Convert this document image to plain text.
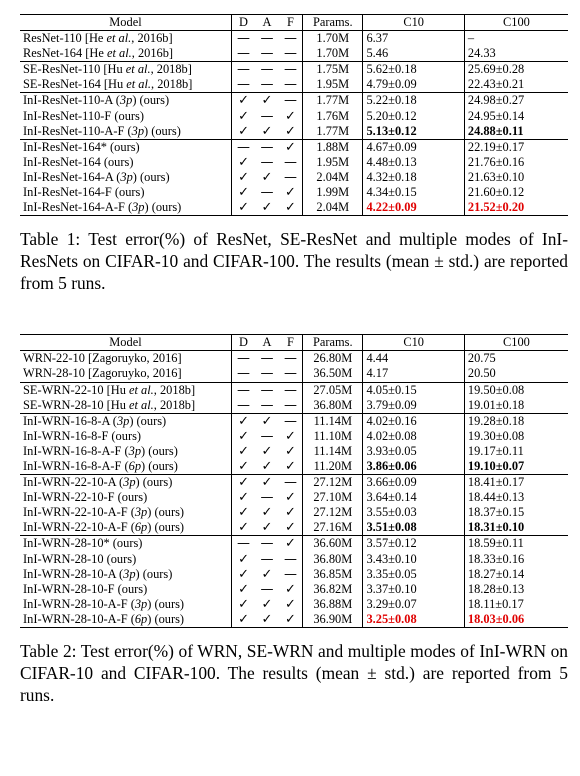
Model	D	A	F	Params.	C10	C100
ResNet-110 [He et al., 2016b]	—	—	—	1.70M	6.37	–
ResNet-164 [He et al., 2016b]	—	—	—	1.70M	5.46	24.33
SE-ResNet-110 [Hu et al., 2018b]	—	—	—	1.75M	5.62±0.18	25.69±0.28
SE-ResNet-164 [Hu et al., 2018b]	—	—	—	1.95M	4.79±0.09	22.43±0.21
InI-ResNet-110-A (3p) (ours)	✓	✓	—	1.77M	5.22±0.18	24.98±0.27
InI-ResNet-110-F (ours)	✓	—	✓	1.76M	5.20±0.12	24.95±0.14
InI-ResNet-110-A-F (3p) (ours)	✓	✓	✓	1.77M	5.13±0.12	24.88±0.11
InI-ResNet-164* (ours)	—	—	✓	1.88M	4.67±0.09	22.19±0.17
InI-ResNet-164 (ours)	✓	—	—	1.95M	4.48±0.13	21.76±0.16
InI-ResNet-164-A (3p) (ours)	✓	✓	—	2.04M	4.32±0.18	21.63±0.10
InI-ResNet-164-F (ours)	✓	—	✓	1.99M	4.34±0.15	21.60±0.12
InI-ResNet-164-A-F (3p) (ours)	✓	✓	✓	2.04M	4.22±0.09	21.52±0.20
Table 1: Test error(%) of ResNet, SE-ResNet and multiple modes of InI-ResNets on CIFAR-10 and CIFAR-100. The results (mean ± std.) are reported from 5 runs.
Model	D	A	F	Params.	C10	C100
WRN-22-10 [Zagoruyko, 2016]	—	—	—	26.80M	4.44	20.75
WRN-28-10 [Zagoruyko, 2016]	—	—	—	36.50M	4.17	20.50
SE-WRN-22-10 [Hu et al., 2018b]	—	—	—	27.05M	4.05±0.15	19.50±0.08
SE-WRN-28-10 [Hu et al., 2018b]	—	—	—	36.80M	3.79±0.09	19.01±0.18
InI-WRN-16-8-A (3p) (ours)	✓	✓	—	11.14M	4.02±0.16	19.28±0.18
InI-WRN-16-8-F (ours)	✓	—	✓	11.10M	4.02±0.08	19.30±0.08
InI-WRN-16-8-A-F (3p) (ours)	✓	✓	✓	11.14M	3.93±0.05	19.17±0.11
InI-WRN-16-8-A-F (6p) (ours)	✓	✓	✓	11.20M	3.86±0.06	19.10±0.07
InI-WRN-22-10-A (3p) (ours)	✓	✓	—	27.12M	3.66±0.09	18.41±0.17
InI-WRN-22-10-F (ours)	✓	—	✓	27.10M	3.64±0.14	18.44±0.13
InI-WRN-22-10-A-F (3p) (ours)	✓	✓	✓	27.12M	3.55±0.03	18.37±0.15
InI-WRN-22-10-A-F (6p) (ours)	✓	✓	✓	27.16M	3.51±0.08	18.31±0.10
InI-WRN-28-10* (ours)	—	—	✓	36.60M	3.57±0.12	18.59±0.11
InI-WRN-28-10 (ours)	✓	—	—	36.80M	3.43±0.10	18.33±0.16
InI-WRN-28-10-A (3p) (ours)	✓	✓	—	36.85M	3.35±0.05	18.27±0.14
InI-WRN-28-10-F (ours)	✓	—	✓	36.82M	3.37±0.10	18.28±0.13
InI-WRN-28-10-A-F (3p) (ours)	✓	✓	✓	36.88M	3.29±0.07	18.11±0.17
InI-WRN-28-10-A-F (6p) (ours)	✓	✓	✓	36.90M	3.25±0.08	18.03±0.06
Table 2: Test error(%) of WRN, SE-WRN and multiple modes of InI-WRN on CIFAR-10 and CIFAR-100. The results (mean ± std.) are reported from 5 runs.
